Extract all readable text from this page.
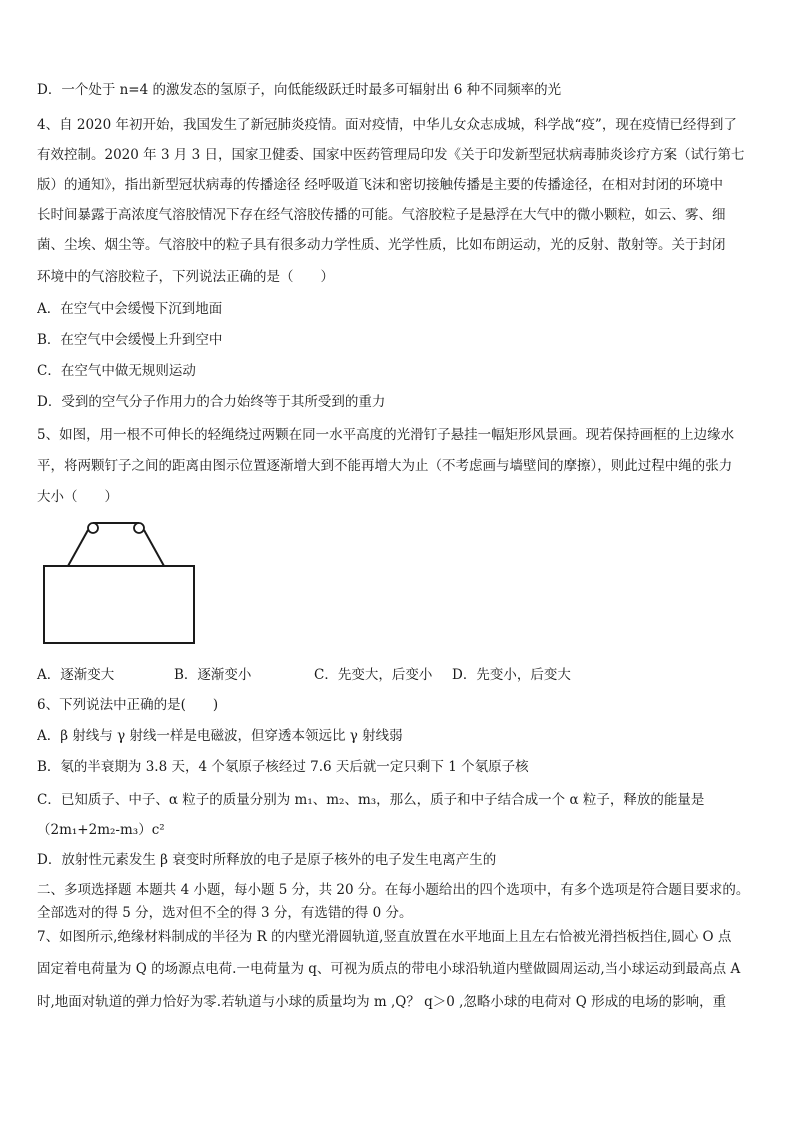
D．一个处于 n=4 的激发态的氢原子，向低能级跃迁时最多可辐射出 6 种不同频率的光
4、自 2020 年初开始，我国发生了新冠肺炎疫情。面对疫情，中华儿女众志成城，科学战“疫”，现在疫情已经得到了
有效控制。2020 年 3 月 3 日，国家卫健委、国家中医药管理局印发《关于印发新型冠状病毒肺炎诊疗方案（试行第七
版）的通知》，指出新型冠状病毒的传播途径 经呼吸道飞沫和密切接触传播是主要的传播途径，在相对封闭的环境中
长时间暴露于高浓度气溶胶情况下存在经气溶胶传播的可能。气溶胶粒子是悬浮在大气中的微小颗粒，如云、雾、细
菌、尘埃、烟尘等。气溶胶中的粒子具有很多动力学性质、光学性质，比如布朗运动，光的反射、散射等。关于封闭
环境中的气溶胶粒子，下列说法正确的是（　　）
A．在空气中会缓慢下沉到地面
B．在空气中会缓慢上升到空中
C．在空气中做无规则运动
D．受到的空气分子作用力的合力始终等于其所受到的重力
5、如图，用一根不可伸长的轻绳绕过两颗在同一水平高度的光滑钉子悬挂一幅矩形风景画。现若保持画框的上边缘水
平，将两颗钉子之间的距离由图示位置逐渐增大到不能再增大为止（不考虑画与墙壁间的摩擦），则此过程中绳的张力
大小（　　）
A．逐渐变大	B．逐渐变小	C．先变大，后变小 D．先变小，后变大
6、下列说法中正确的是(　　)
A．β 射线与 γ 射线一样是电磁波，但穿透本领远比 γ 射线弱
B．氡的半衰期为 3.8 天，4 个氡原子核经过 7.6 天后就一定只剩下 1 个氡原子核
C．已知质子、中子、α 粒子的质量分别为 m₁、m₂、m₃，那么，质子和中子结合成一个 α 粒子，释放的能量是
（2m₁+2m₂-m₃）c²
D．放射性元素发生 β 衰变时所释放的电子是原子核外的电子发生电离产生的
二、多项选择题 本题共 4 小题，每小题 5 分，共 20 分。在每小题给出的四个选项中，有多个选项是符合题目要求的。
全部选对的得 5 分，选对但不全的得 3 分，有选错的得 0 分。
7、如图所示,绝缘材料制成的半径为 R 的内壁光滑圆轨道,竖直放置在水平地面上且左右恰被光滑挡板挡住,圆心 O 点
固定着电荷量为 Q 的场源点电荷.一电荷量为 q、可视为质点的带电小球沿轨道内壁做圆周运动,当小球运动到最高点 A
时,地面对轨道的弹力恰好为零.若轨道与小球的质量均为 m ,Q？ q＞0 ,忽略小球的电荷对 Q 形成的电场的影响，重
